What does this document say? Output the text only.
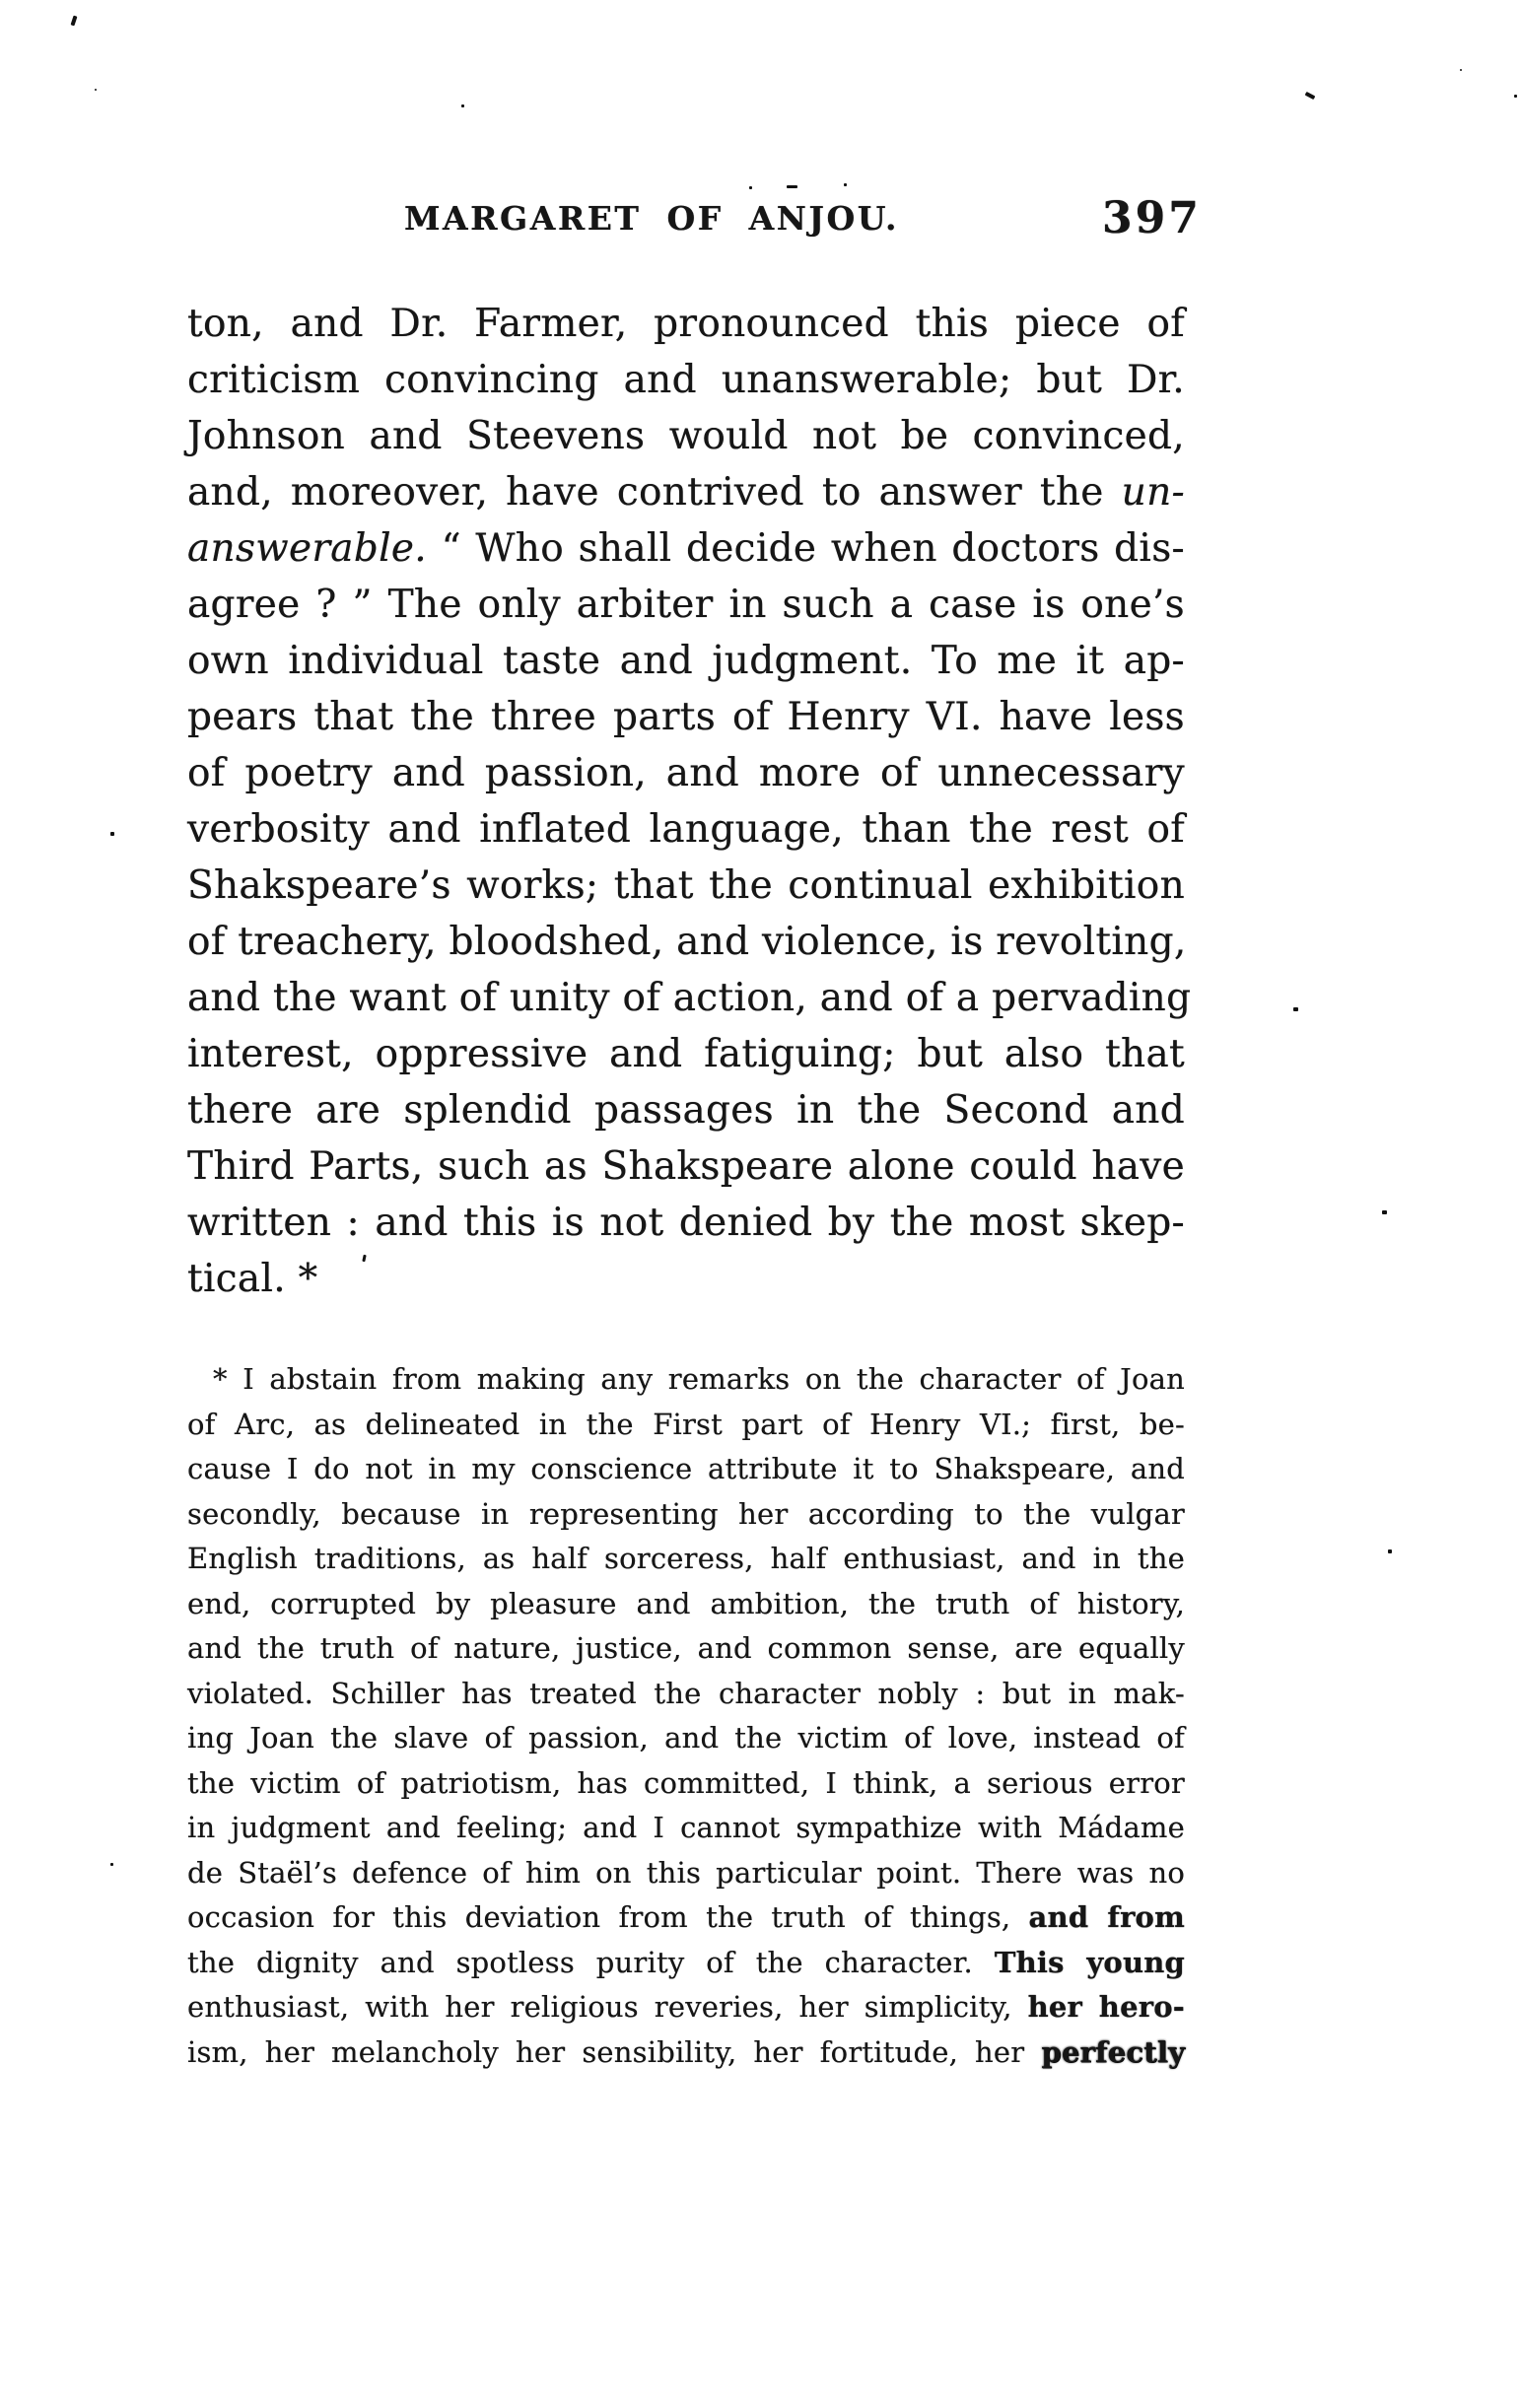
MARGARET OF ANJOU.	397
ton, and Dr. Farmer, pronounced this piece of
criticism convincing and unanswerable; but Dr.
Johnson and Steevens would not be convinced,
and, moreover, have contrived to answer the un-
answerable. “ Who shall decide when doctors dis-
agree ? ” The only arbiter in such a case is one’s
own individual taste and judgment. To me it ap-
pears that the three parts of Henry VI. have less
of poetry and passion, and more of unnecessary
verbosity and inflated language, than the rest of
Shakspeare’s works; that the continual exhibition
of treachery, bloodshed, and violence, is revolting,
and the want of unity of action, and of a pervading
interest, oppressive and fatiguing; but also that
there are splendid passages in the Second and
Third Parts, such as Shakspeare alone could have
written : and this is not denied by the most skep-
tical. *
* I abstain from making any remarks on the character of Joan
of Arc, as delineated in the First part of Henry VI.; first, be-
cause I do not in my conscience attribute it to Shakspeare, and
secondly, because in representing her according to the vulgar
English traditions, as half sorceress, half enthusiast, and in the
end, corrupted by pleasure and ambition, the truth of history,
and the truth of nature, justice, and common sense, are equally
violated. Schiller has treated the character nobly : but in mak-
ing Joan the slave of passion, and the victim of love, instead of
the victim of patriotism, has committed, I think, a serious error
in judgment and feeling; and I cannot sympathize with Mádame
de Staël’s defence of him on this particular point. There was no
occasion for this deviation from the truth of things, and from
the dignity and spotless purity of the character. This young
enthusiast, with her religious reveries, her simplicity, her hero-
ism, her melancholy her sensibility, her fortitude, her perfectly
